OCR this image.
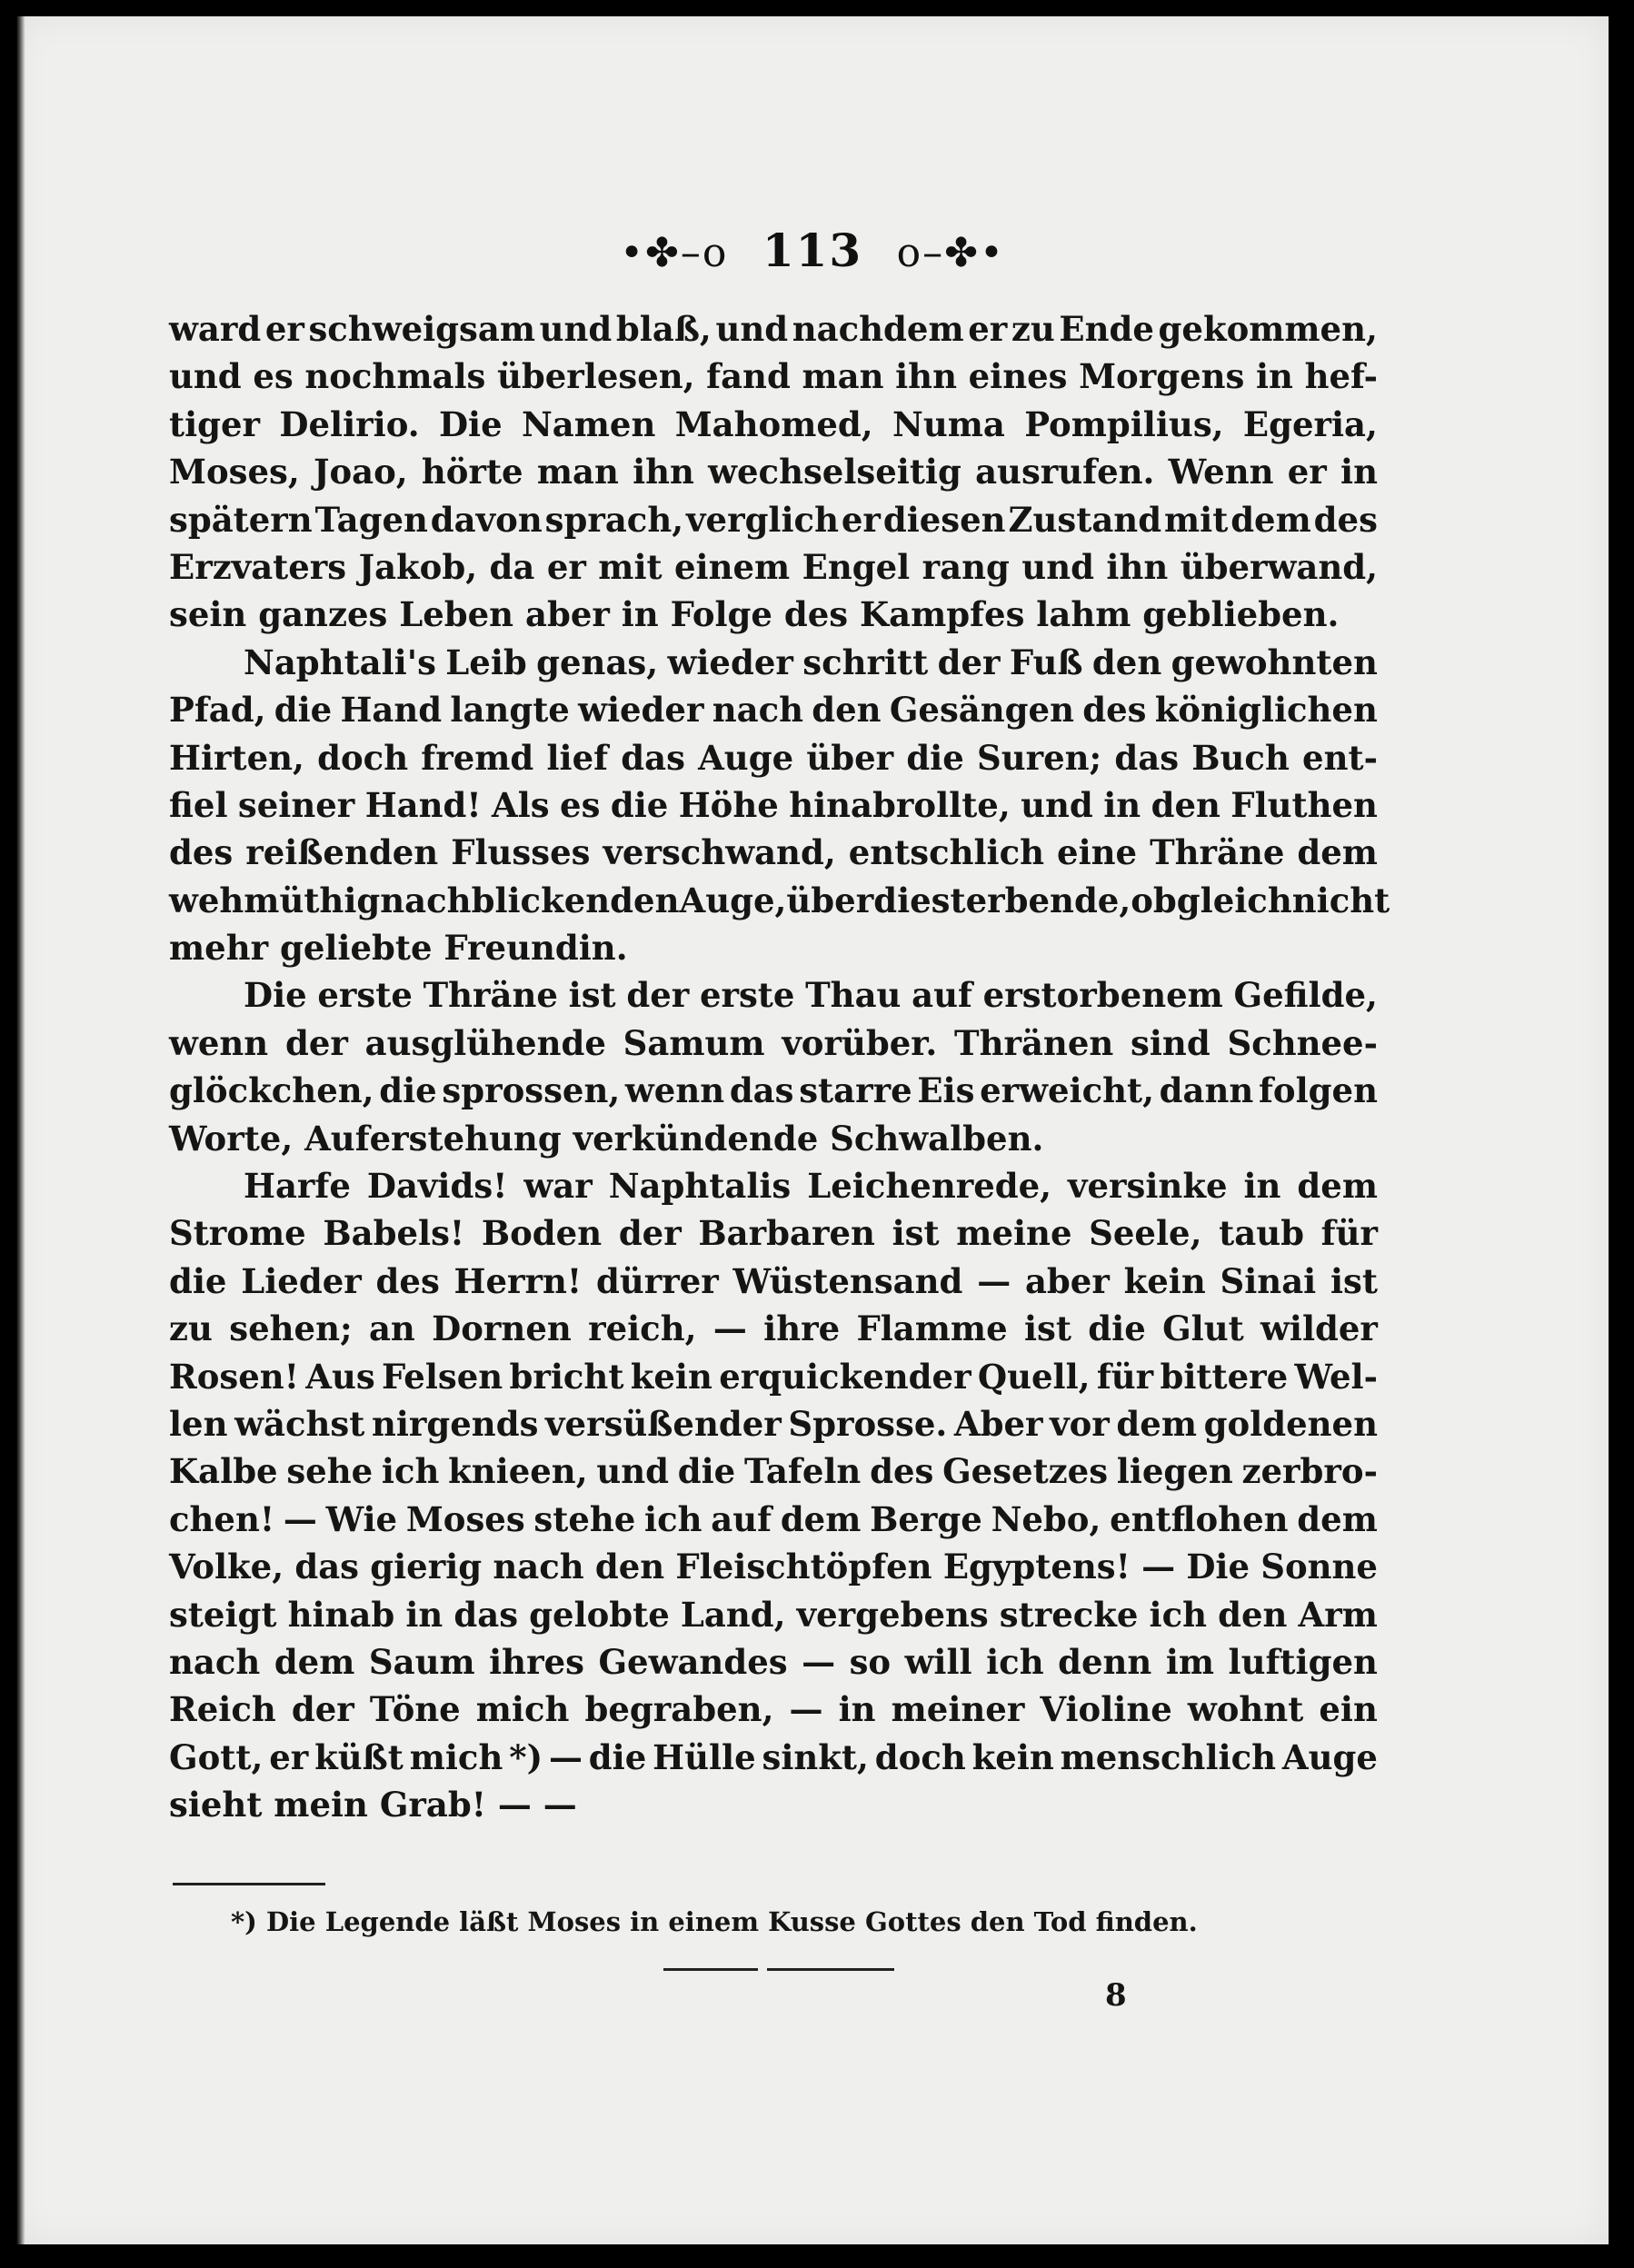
•✤–o 113 o–✤•
ward er schweigsam und blaß, und nachdem er zu Ende gekommen,
und es nochmals überlesen, fand man ihn eines Morgens in hef-
tiger Delirio. Die Namen Mahomed, Numa Pompilius, Egeria,
Moses, Joao, hörte man ihn wechselseitig ausrufen. Wenn er in
spätern Tagen davon sprach, verglich er diesen Zustand mit dem des
Erzvaters Jakob, da er mit einem Engel rang und ihn überwand,
sein ganzes Leben aber in Folge des Kampfes lahm geblieben.
Naphtali's Leib genas, wieder schritt der Fuß den gewohnten
Pfad, die Hand langte wieder nach den Gesängen des königlichen
Hirten, doch fremd lief das Auge über die Suren; das Buch ent-
fiel seiner Hand! Als es die Höhe hinabrollte, und in den Fluthen
des reißenden Flusses verschwand, entschlich eine Thräne dem
wehmüthig nachblickenden Auge, über die sterbende, obgleich nicht
mehr geliebte Freundin.
Die erste Thräne ist der erste Thau auf erstorbenem Gefilde,
wenn der ausglühende Samum vorüber. Thränen sind Schnee-
glöckchen, die sprossen, wenn das starre Eis erweicht, dann folgen
Worte, Auferstehung verkündende Schwalben.
Harfe Davids! war Naphtalis Leichenrede, versinke in dem
Strome Babels! Boden der Barbaren ist meine Seele, taub für
die Lieder des Herrn! dürrer Wüstensand — aber kein Sinai ist
zu sehen; an Dornen reich, — ihre Flamme ist die Glut wilder
Rosen! Aus Felsen bricht kein erquickender Quell, für bittere Wel-
len wächst nirgends versüßender Sprosse. Aber vor dem goldenen
Kalbe sehe ich knieen, und die Tafeln des Gesetzes liegen zerbro-
chen! — Wie Moses stehe ich auf dem Berge Nebo, entflohen dem
Volke, das gierig nach den Fleischtöpfen Egyptens! — Die Sonne
steigt hinab in das gelobte Land, vergebens strecke ich den Arm
nach dem Saum ihres Gewandes — so will ich denn im luftigen
Reich der Töne mich begraben, — in meiner Violine wohnt ein
Gott, er küßt mich *) — die Hülle sinkt, doch kein menschlich Auge
sieht mein Grab! — —
*) Die Legende läßt Moses in einem Kusse Gottes den Tod finden.
8
